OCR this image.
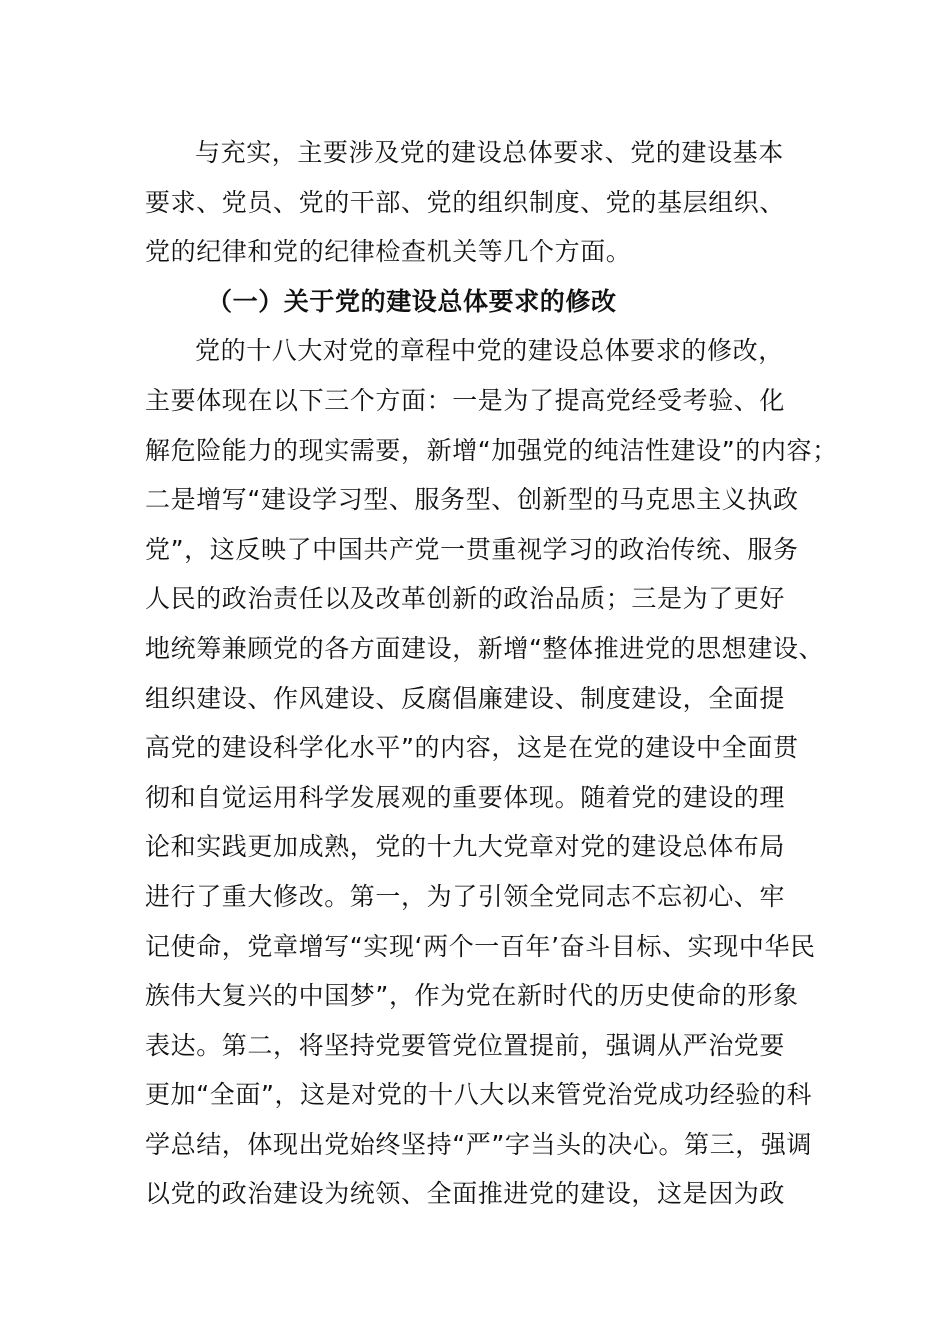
与充实，主要涉及党的建设总体要求、党的建设基本
要求、党员、党的干部、党的组织制度、党的基层组织、
党的纪律和党的纪律检查机关等几个方面。
（一）关于党的建设总体要求的修改
党的十八大对党的章程中党的建设总体要求的修改，
主要体现在以下三个方面：一是为了提高党经受考验、化
解危险能力的现实需要，新增“加强党的纯洁性建设”的内容；
二是增写“建设学习型、服务型、创新型的马克思主义执政
党”，这反映了中国共产党一贯重视学习的政治传统、服务
人民的政治责任以及改革创新的政治品质；三是为了更好
地统筹兼顾党的各方面建设，新增“整体推进党的思想建设、
组织建设、作风建设、反腐倡廉建设、制度建设，全面提
高党的建设科学化水平”的内容，这是在党的建设中全面贯
彻和自觉运用科学发展观的重要体现。随着党的建设的理
论和实践更加成熟，党的十九大党章对党的建设总体布局
进行了重大修改。第一，为了引领全党同志不忘初心、牢
记使命，党章增写“实现‘两个一百年’奋斗目标、实现中华民
族伟大复兴的中国梦”，作为党在新时代的历史使命的形象
表达。第二，将坚持党要管党位置提前，强调从严治党要
更加“全面”，这是对党的十八大以来管党治党成功经验的科
学总结，体现出党始终坚持“严”字当头的决心。第三，强调
以党的政治建设为统领、全面推进党的建设，这是因为政
